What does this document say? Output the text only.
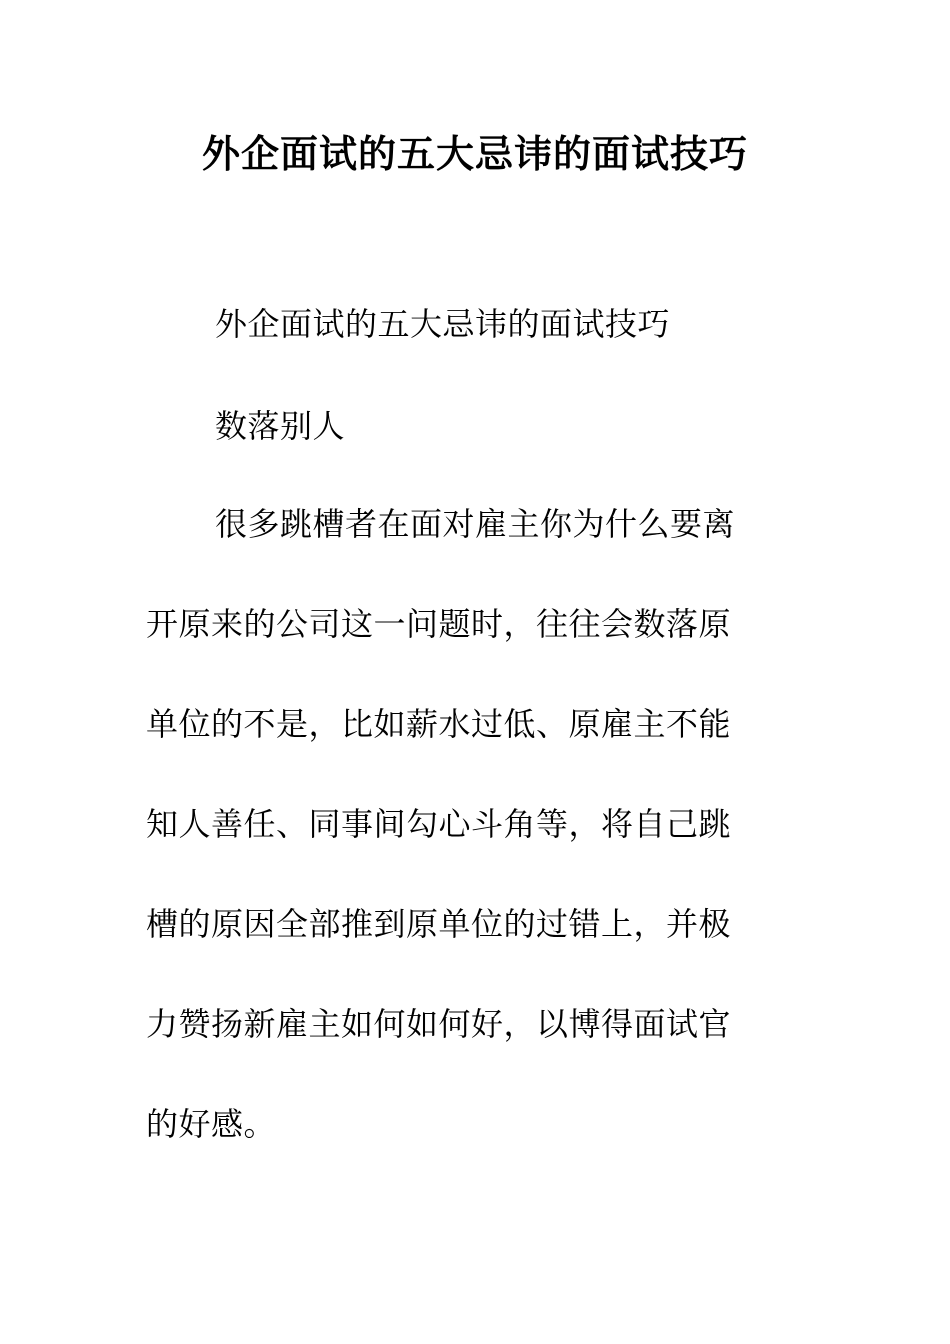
外企面试的五大忌讳的面试技巧

外企面试的五大忌讳的面试技巧

数落别人

很多跳槽者在面对雇主你为什么要离

开原来的公司这一问题时，往往会数落原

单位的不是，比如薪水过低、原雇主不能

知人善任、同事间勾心斗角等，将自己跳

槽的原因全部推到原单位的过错上，并极

力赞扬新雇主如何如何好，以博得面试官

的好感。
